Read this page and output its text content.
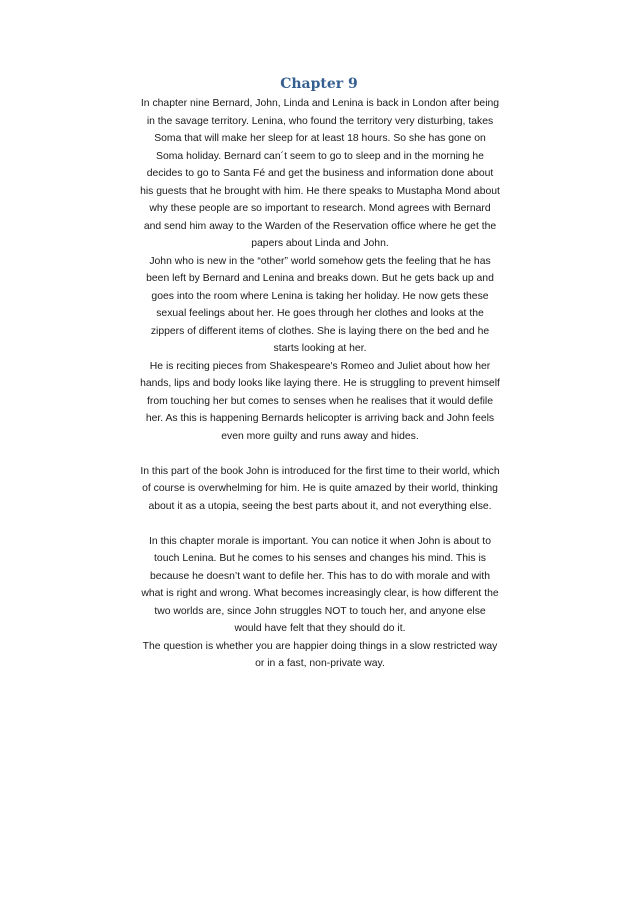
Chapter 9

In chapter nine Bernard, John, Linda and Lenina is back in London after being in the savage territory. Lenina, who found the territory very disturbing, takes Soma that will make her sleep for at least 18 hours. So she has gone on Soma holiday. Bernard can´t seem to go to sleep and in the morning he decides to go to Santa Fé and get the business and information done about his guests that he brought with him. He there speaks to Mustapha Mond about why these people are so important to research. Mond agrees with Bernard and send him away to the Warden of the Reservation office where he get the papers about Linda and John.

John who is new in the “other” world somehow gets the feeling that he has been left by Bernard and Lenina and breaks down. But he gets back up and goes into the room where Lenina is taking her holiday. He now gets these sexual feelings about her. He goes through her clothes and looks at the zippers of different items of clothes. She is laying there on the bed and he starts looking at her.

He is reciting pieces from Shakespeare's Romeo and Juliet about how her hands, lips and body looks like laying there. He is struggling to prevent himself from touching her but comes to senses when he realises that it would defile her. As this is happening Bernards helicopter is arriving back and John feels even more guilty and runs away and hides.

In this part of the book John is introduced for the first time to their world, which of course is overwhelming for him. He is quite amazed by their world, thinking about it as a utopia, seeing the best parts about it, and not everything else.

In this chapter morale is important. You can notice it when John is about to touch Lenina. But he comes to his senses and changes his mind. This is because he doesn’t want to defile her. This has to do with morale and with what is right and wrong. What becomes increasingly clear, is how different the two worlds are, since John struggles NOT to touch her, and anyone else would have felt that they should do it.

The question is whether you are happier doing things in a slow restricted way or in a fast, non-private way.
